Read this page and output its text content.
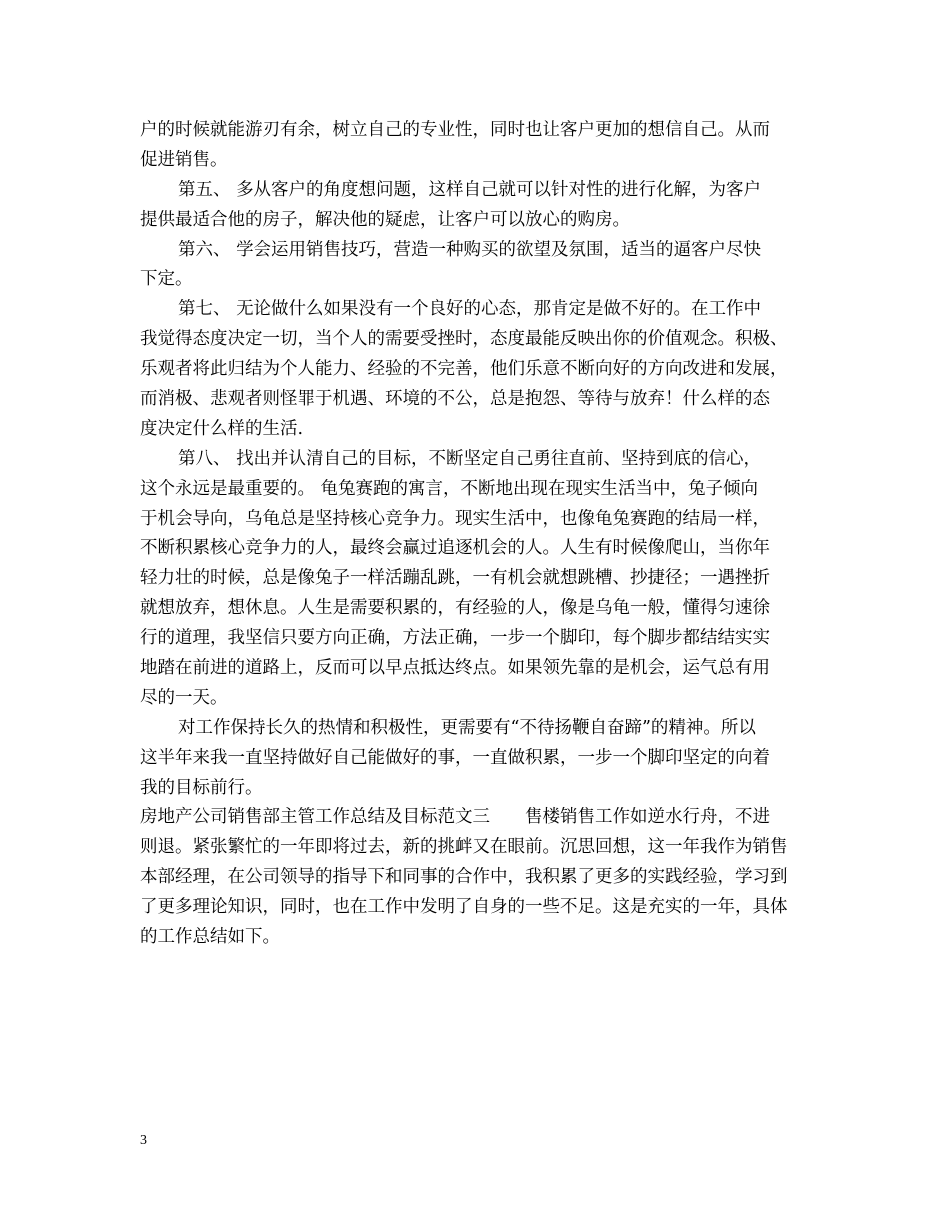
户的时候就能游刃有余，树立自己的专业性，同时也让客户更加的想信自己。从而
促进销售。
第五、 多从客户的角度想问题，这样自己就可以针对性的进行化解，为客户
提供最适合他的房子，解决他的疑虑，让客户可以放心的购房。
第六、 学会运用销售技巧，营造一种购买的欲望及氛围，适当的逼客户尽快
下定。
第七、 无论做什么如果没有一个良好的心态，那肯定是做不好的。在工作中
我觉得态度决定一切，当个人的需要受挫时，态度最能反映出你的价值观念。积极、
乐观者将此归结为个人能力、经验的不完善，他们乐意不断向好的方向改进和发展，
而消极、悲观者则怪罪于机遇、环境的不公，总是抱怨、等待与放弃！什么样的态
度决定什么样的生活.
第八、 找出并认清自己的目标，不断坚定自己勇往直前、坚持到底的信心，
这个永远是最重要的。 龟兔赛跑的寓言，不断地出现在现实生活当中，兔子倾向
于机会导向，乌龟总是坚持核心竞争力。现实生活中，也像龟兔赛跑的结局一样，
不断积累核心竞争力的人，最终会赢过追逐机会的人。人生有时候像爬山，当你年
轻力壮的时候，总是像兔子一样活蹦乱跳，一有机会就想跳槽、抄捷径；一遇挫折
就想放弃，想休息。人生是需要积累的，有经验的人，像是乌龟一般，懂得匀速徐
行的道理，我坚信只要方向正确，方法正确，一步一个脚印，每个脚步都结结实实
地踏在前进的道路上，反而可以早点抵达终点。如果领先靠的是机会，运气总有用
尽的一天。
对工作保持长久的热情和积极性，更需要有“不待扬鞭自奋蹄”的精神。所以
这半年来我一直坚持做好自己能做好的事，一直做积累，一步一个脚印坚定的向着
我的目标前行。
房地产公司销售部主管工作总结及目标范文三　　售楼销售工作如逆水行舟，不进
则退。紧张繁忙的一年即将过去，新的挑衅又在眼前。沉思回想，这一年我作为销售
本部经理，在公司领导的指导下和同事的合作中，我积累了更多的实践经验，学习到
了更多理论知识，同时，也在工作中发明了自身的一些不足。这是充实的一年，具体
的工作总结如下。
3
